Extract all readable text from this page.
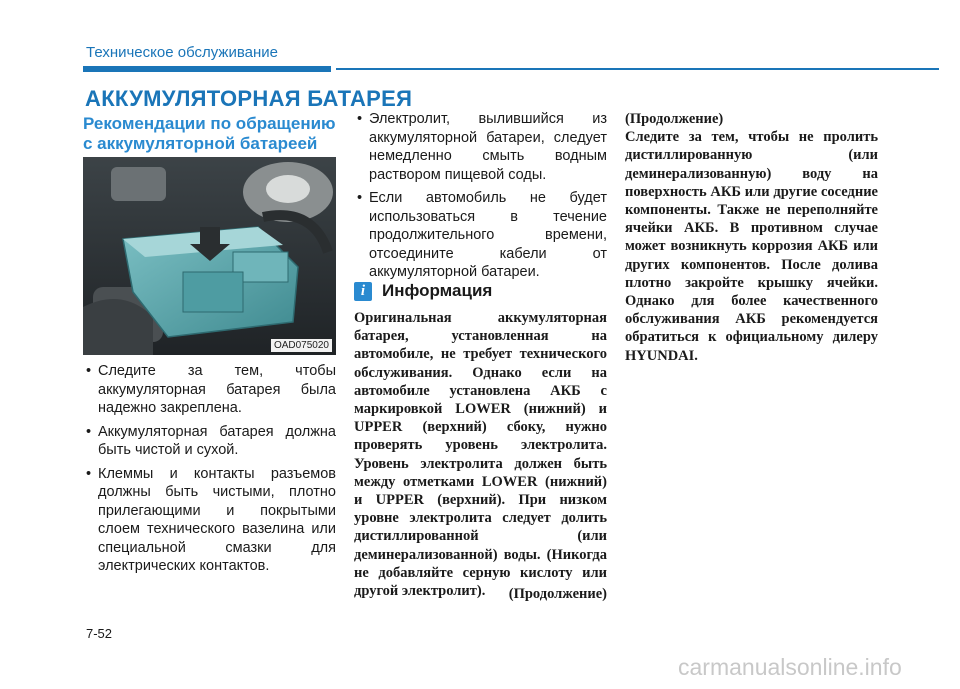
Техническое обслуживание
АККУМУЛЯТОРНАЯ БАТАРЕЯ
Рекомендации по обращению с аккумуляторной батареей
OAD075020
• Следите за тем, чтобы аккумуляторная батарея была надежно закреплена.
• Аккумуляторная батарея должна быть чистой и сухой.
• Клеммы и контакты разъемов должны быть чистыми, плотно прилегающими и покрытыми слоем технического вазелина или специальной смазки для электрических контактов.
• Электролит, вылившийся из аккумуляторной батареи, следует немедленно смыть водным раствором пищевой соды.
• Если автомобиль не будет использоваться в течение продолжительного времени, отсоедините кабели от аккумуляторной батареи.
i Информация
Оригинальная аккумуляторная батарея, установленная на автомобиле, не требует технического обслуживания. Однако если на автомобиле установлена АКБ с маркировкой LOWER (нижний) и UPPER (верхний) сбоку, нужно проверять уровень электролита. Уровень электролита должен быть между отметками LOWER (нижний) и UPPER (верхний). При низком уровне электролита следует долить дистиллированной (или деминерализованной) воды. (Никогда не добавляйте серную кислоту или другой электролит).	(Продолжение)

(Продолжение)

Следите за тем, чтобы не пролить дистиллированную (или деминерализованную) воду на поверхность АКБ или другие соседние компоненты. Также не переполняйте ячейки АКБ. В противном случае может возникнуть коррозия АКБ или других компонентов. После долива плотно закройте крышку ячейки. Однако для более качественного обслуживания АКБ рекомендуется обратиться к официальному дилеру HYUNDAI.

7-52
carmanualsonline.info
